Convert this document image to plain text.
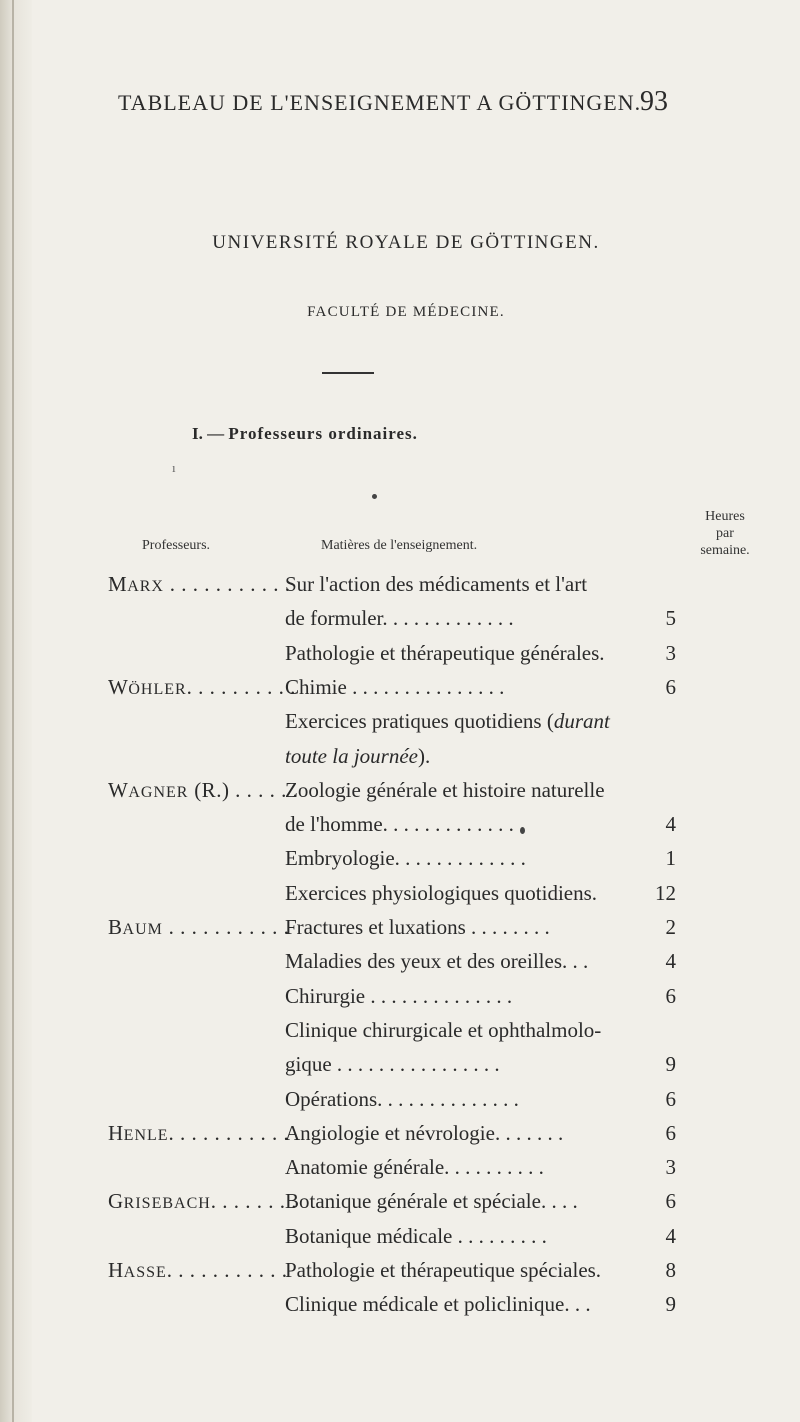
TABLEAU DE L'ENSEIGNEMENT A GÖTTINGEN.
93
UNIVERSITÉ ROYALE DE GÖTTINGEN.
FACULTÉ DE MÉDECINE.
I. — Professeurs ordinaires.
ı
Professeurs.	Matières de l'enseignement.
Heures
par
semaine.
MARX . . . . . . . . . . .
Sur l'action des médicaments et l'art
de formuler. . . . . . . . . . . . .	5
Pathologie et thérapeutique générales.	3
WÖHLER. . . . . . . . . .
Chimie . . . . . . . . . . . . . . .	6
Exercices pratiques quotidiens (durant
toute la journée).
WAGNER (R.) . . . . . .
Zoologie générale et histoire naturelle
de l'homme. . . . . . . . . . . . .	4
Embryologie. . . . . . . . . . . . .	1
Exercices physiologiques quotidiens.	12
BAUM . . . . . . . . . . .
Fractures et luxations . . . . . . . .	2
Maladies des yeux et des oreilles. . .	4
Chirurgie . . . . . . . . . . . . . .	6
Clinique chirurgicale et ophthalmolo-
gique . . . . . . . . . . . . . . . .	9
Opérations. . . . . . . . . . . . . .	6
HENLE. . . . . . . . . . .
Angiologie et névrologie. . . . . . .	6
Anatomie générale. . . . . . . . . .	3
GRISEBACH. . . . . . . .
Botanique générale et spéciale. . . .	6
Botanique médicale . . . . . . . . .	4
HASSE. . . . . . . . . . .
Pathologie et thérapeutique spéciales.	8
Clinique médicale et policlinique. . .	9
